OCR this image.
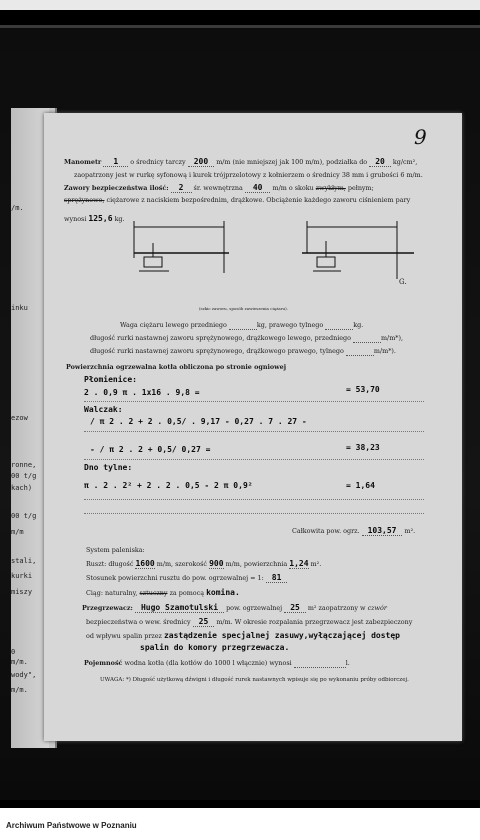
/m.
inku
ezow
ronne,
00 t/g
kach)
00 t/g
m/m
stali,
kurki
miszy
0
m/m.
wody",
m/m.
9
Manometr 1 o średnicy tarczy 200 m/m (nie mniejszej jak 100 m/m), podziałka do 20 kg/cm²,
zaopatrzony jest w rurkę syfonową i kurek trójprzelotowy z kołnierzem o średnicy 38 mm i grubości 6 m/m.
Zawory bezpieczeństwa ilość: 2 śr. wewnętrzna 40 m/m o skoku zwykłym, pełnym;
sprężynowe, ciężarowe z naciskiem bezpośrednim, drążkowe. Obciążenie każdego zaworu ciśnieniem pary
wynosi 125,6 kg.
G.
(szkic zaworu, sposób zawieszenia ciężaru).
Waga ciężaru lewego przedniego	kg, prawego tylnego	kg.
długość rurki nastawnej zaworu sprężynowego, drążkowego lewego, przedniego	m/m*),
długość rurki nastawnej zaworu sprężynowego, drążkowego prawego, tylnego	m/m*).
Powierzchnia ogrzewalna kotła obliczona po stronie ogniowej
Płomienice:
2 . 0,9 π . 1x16 . 9,8 =	= 53,70
Walczak:
/ π 2 . 2 + 2 . 0,5/ . 9,17 - 0,27 . 7 . 27 -
- / π 2 . 2 + 0,5/ 0,27 =	= 38,23
Dno tylne:
π . 2 . 2² + 2 . 2 . 0,5 - 2 π 0,9²	= 1,64
Całkowita pow. ogrz. 103,57 m².
System paleniska:
Ruszt: długość 1600 m/m, szerokość 900 m/m, powierzchnia 1,24 m².
Stosunek powierzchni rusztu do pow. ogrzewalnej = 1: 81
Ciąg: naturalny, sztuczny za pomocą komina.
Przegrzewacz: Hugo Szamotulski pow. ogrzewalnej 25 m² zaopatrzony w czwór
bezpieczeństwa o wew. średnicy 25 m/m. W okresie rozpalania przegrzewacz jest zabezpieczony
od wpływu spalin przez zastądzenie specjalnej zasuwy,wyłączającej dostęp
spalin do komory przegrzewacza.
Pojemność wodna kotła (dla kotłów do 1000 l włącznie) wynosi	l.
UWAGA: *) Długość użytkową dźwigni i długość rurek nastawnych wpisuje się po wykonaniu próby odbiorczej.
Archiwum Państwowe w Poznaniu
